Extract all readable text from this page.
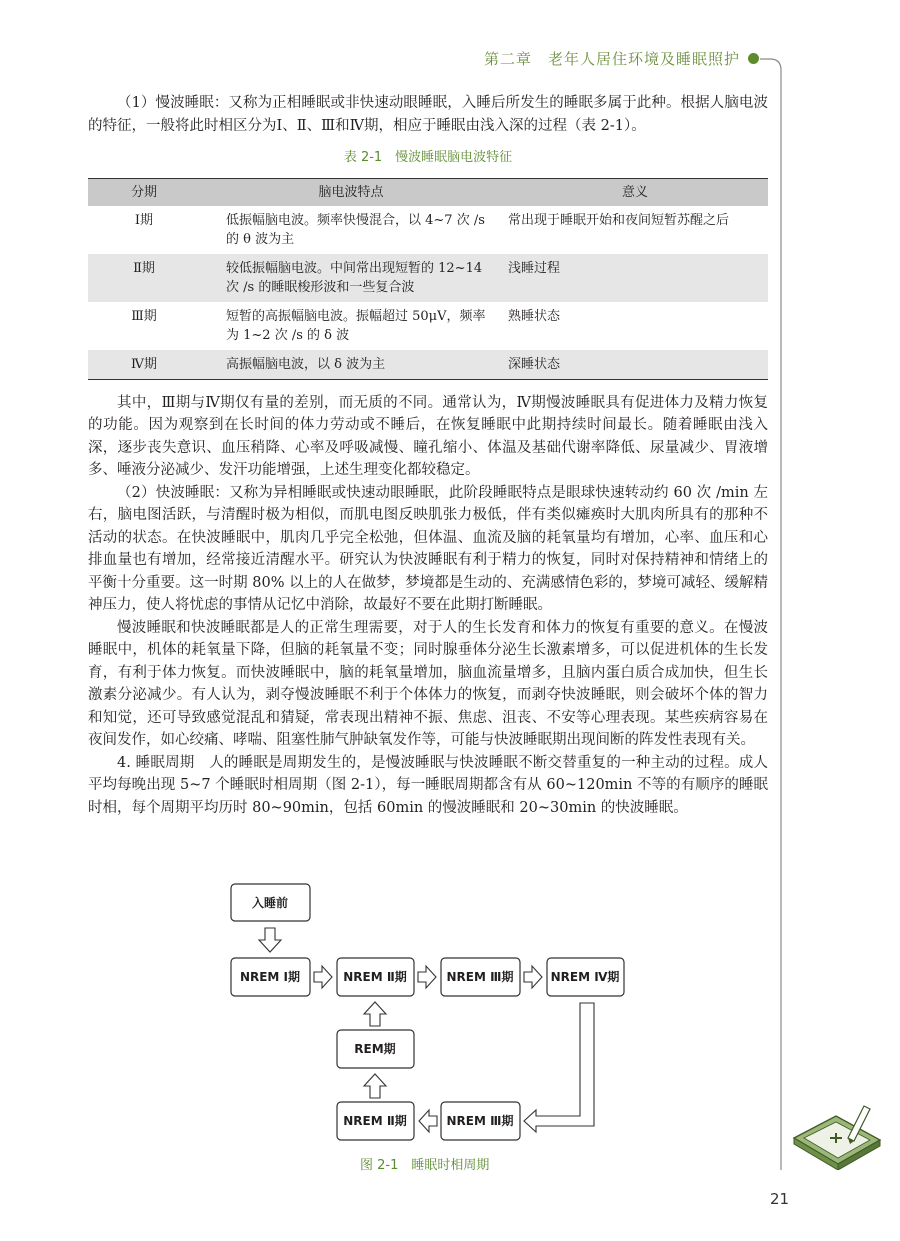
第二章　 老年人居住环境及睡眠照护

（1）慢波睡眠：又称为正相睡眠或非快速动眼睡眠，入睡后所发生的睡眠多属于此种。根据人脑电波的特征，一般将此时相区分为Ⅰ、Ⅱ、Ⅲ和Ⅳ期，相应于睡眠由浅入深的过程（表 2-1）。

表 2-1　慢波睡眠脑电波特征
分期	脑电波特点	意义
Ⅰ期	低振幅脑电波。频率快慢混合，以 4~7 次 /s 的 θ 波为主	常出现于睡眠开始和夜间短暂苏醒之后
Ⅱ期	较低振幅脑电波。中间常出现短暂的 12~14 次 /s 的睡眠梭形波和一些复合波	浅睡过程
Ⅲ期	短暂的高振幅脑电波。振幅超过 50μV，频率为 1~2 次 /s 的 δ 波	熟睡状态
Ⅳ期	高振幅脑电波，以 δ 波为主	深睡状态

其中，Ⅲ期与Ⅳ期仅有量的差别，而无质的不同。通常认为，Ⅳ期慢波睡眠具有促进体力及精力恢复的功能。因为观察到在长时间的体力劳动或不睡后，在恢复睡眠中此期持续时间最长。随着睡眠由浅入深，逐步丧失意识、血压稍降、心率及呼吸减慢、瞳孔缩小、体温及基础代谢率降低、尿量减少、胃液增多、唾液分泌减少、发汗功能增强，上述生理变化都较稳定。

（2）快波睡眠：又称为异相睡眠或快速动眼睡眠，此阶段睡眠特点是眼球快速转动约 60 次 /min 左右，脑电图活跃，与清醒时极为相似，而肌电图反映肌张力极低，伴有类似瘫痪时大肌肉所具有的那种不活动的状态。在快波睡眠中，肌肉几乎完全松弛，但体温、血流及脑的耗氧量均有增加，心率、血压和心排血量也有增加，经常接近清醒水平。研究认为快波睡眠有利于精力的恢复，同时对保持精神和情绪上的平衡十分重要。这一时期 80% 以上的人在做梦，梦境都是生动的、充满感情色彩的，梦境可减轻、缓解精神压力，使人将忧虑的事情从记忆中消除，故最好不要在此期打断睡眠。

慢波睡眠和快波睡眠都是人的正常生理需要，对于人的生长发育和体力的恢复有重要的意义。在慢波睡眠中，机体的耗氧量下降，但脑的耗氧量不变；同时腺垂体分泌生长激素增多，可以促进机体的生长发育，有利于体力恢复。而快波睡眠中，脑的耗氧量增加，脑血流量增多，且脑内蛋白质合成加快，但生长激素分泌减少。有人认为，剥夺慢波睡眠不利于个体体力的恢复，而剥夺快波睡眠，则会破坏个体的智力和知觉，还可导致感觉混乱和猜疑，常表现出精神不振、焦虑、沮丧、不安等心理表现。某些疾病容易在夜间发作，如心绞痛、哮喘、阻塞性肺气肿缺氧发作等，可能与快波睡眠期出现间断的阵发性表现有关。

4. 睡眠周期　人的睡眠是周期发生的，是慢波睡眠与快波睡眠不断交替重复的一种主动的过程。成人平均每晚出现 5~7 个睡眠时相周期（图 2-1），每一睡眠周期都含有从 60~120min 不等的有顺序的睡眠时相，每个周期平均历时 80~90min，包括 60min 的慢波睡眠和 20~30min 的快波睡眠。

入睡前
NREM Ⅰ期	NREM Ⅱ期	NREM Ⅲ期	NREM Ⅳ期
REM期
NREM Ⅱ期	NREM Ⅲ期
图 2-1　睡眠时相周期
21
